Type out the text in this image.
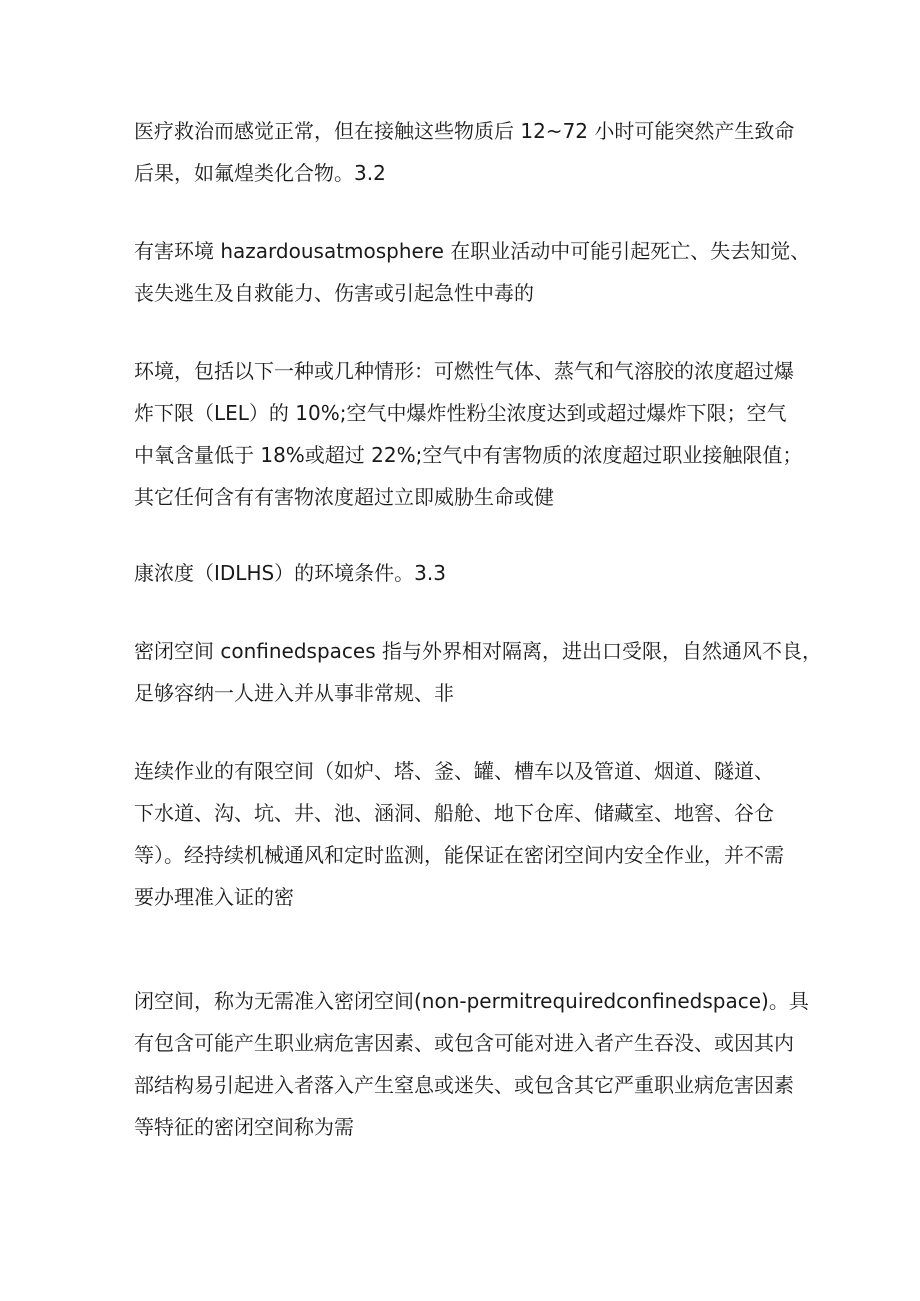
医疗救治而感觉正常，但在接触这些物质后 12~72 小时可能突然产生致命
后果，如氟煌类化合物。3.2
有害环境 hazardousatmosphere 在职业活动中可能引起死亡、失去知觉、
丧失逃生及自救能力、伤害或引起急性中毒的
环境，包括以下一种或几种情形：可燃性气体、蒸气和气溶胶的浓度超过爆
炸下限（LEL）的 10%;空气中爆炸性粉尘浓度达到或超过爆炸下限；空气
中氧含量低于 18%或超过 22%;空气中有害物质的浓度超过职业接触限值；
其它任何含有有害物浓度超过立即威胁生命或健
康浓度（IDLHS）的环境条件。3.3
密闭空间 confinedspaces 指与外界相对隔离，进出口受限，自然通风不良，
足够容纳一人进入并从事非常规、非
连续作业的有限空间（如炉、塔、釜、罐、槽车以及管道、烟道、隧道、
下水道、沟、坑、井、池、涵洞、船舱、地下仓库、储藏室、地窖、谷仓
等）。经持续机械通风和定时监测，能保证在密闭空间内安全作业，并不需
要办理准入证的密
闭空间，称为无需准入密闭空间(non-permitrequiredconfinedspace)。具
有包含可能产生职业病危害因素、或包含可能对进入者产生吞没、或因其内
部结构易引起进入者落入产生窒息或迷失、或包含其它严重职业病危害因素
等特征的密闭空间称为需
